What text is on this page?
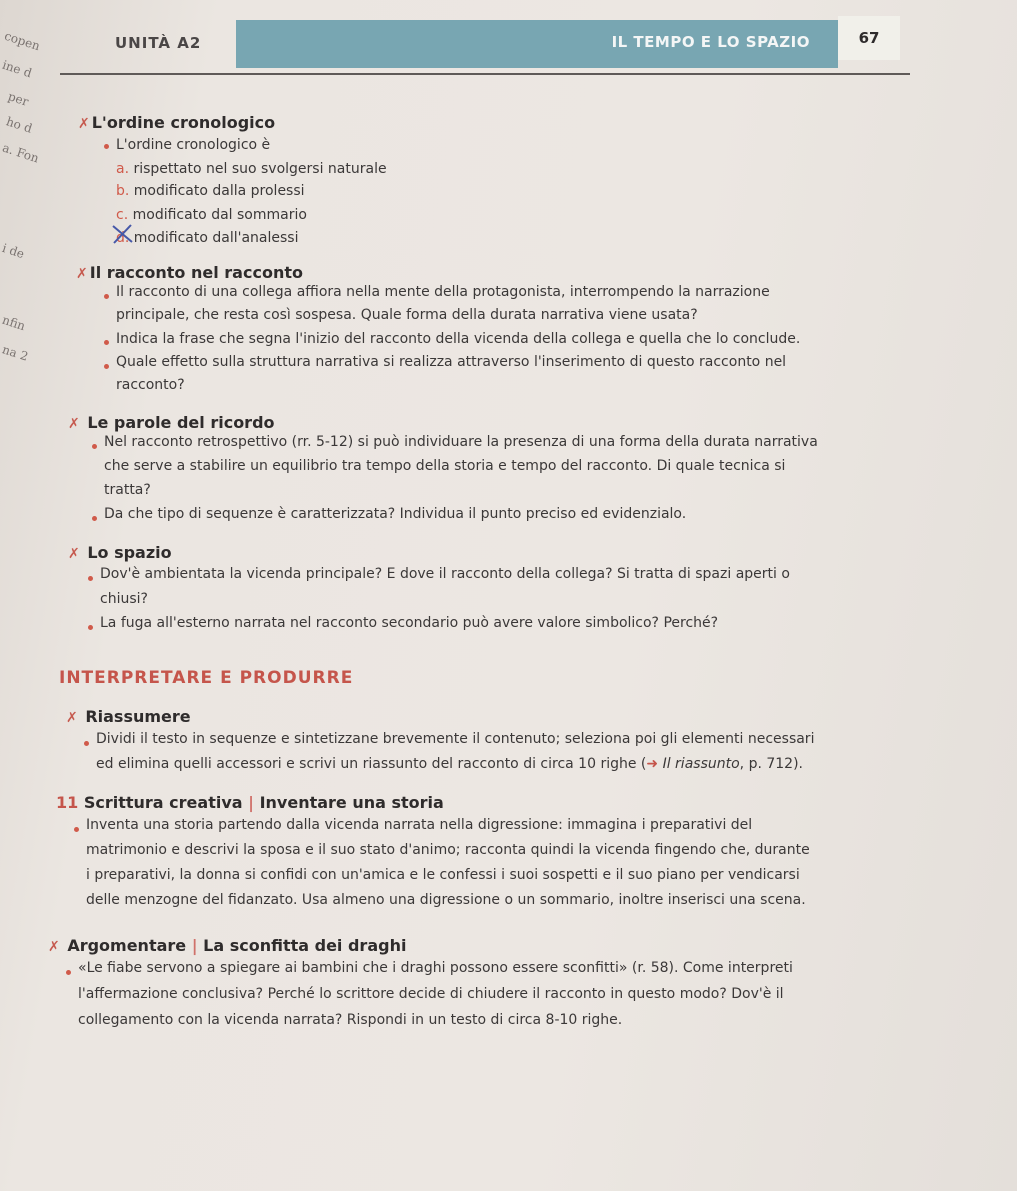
copen
ine d
per
ho d
a. Fon
i de
nfin
na 2
UNITÀ A2	IL TEMPO E LO SPAZIO	67
✗ L'ordine cronologico
L'ordine cronologico è
a. rispettato nel suo svolgersi naturale
b. modificato dalla prolessi
c. modificato dal sommario
d. modificato dall'analessi
✗ Il racconto nel racconto
Il racconto di una collega affiora nella mente della protagonista, interrompendo la narrazione
principale, che resta così sospesa. Quale forma della durata narrativa viene usata?
Indica la frase che segna l'inizio del racconto della vicenda della collega e quella che lo conclude.
Quale effetto sulla struttura narrativa si realizza attraverso l'inserimento di questo racconto nel
racconto?
✗ Le parole del ricordo
Nel racconto retrospettivo (rr. 5-12) si può individuare la presenza di una forma della durata narrativa
che serve a stabilire un equilibrio tra tempo della storia e tempo del racconto. Di quale tecnica si
tratta?
Da che tipo di sequenze è caratterizzata? Individua il punto preciso ed evidenzialo.
✗ Lo spazio
Dov'è ambientata la vicenda principale? E dove il racconto della collega? Si tratta di spazi aperti o
chiusi?
La fuga all'esterno narrata nel racconto secondario può avere valore simbolico? Perché?
INTERPRETARE E PRODURRE
✗ Riassumere
Dividi il testo in sequenze e sintetizzane brevemente il contenuto; seleziona poi gli elementi necessari
ed elimina quelli accessori e scrivi un riassunto del racconto di circa 10 righe (➜ Il riassunto, p. 712).
11 Scrittura creativa | Inventare una storia
Inventa una storia partendo dalla vicenda narrata nella digressione: immagina i preparativi del
matrimonio e descrivi la sposa e il suo stato d'animo; racconta quindi la vicenda fingendo che, durante
i preparativi, la donna si confidi con un'amica e le confessi i suoi sospetti e il suo piano per vendicarsi
delle menzogne del fidanzato. Usa almeno una digressione o un sommario, inoltre inserisci una scena.
✗ Argomentare | La sconfitta dei draghi
«Le fiabe servono a spiegare ai bambini che i draghi possono essere sconfitti» (r. 58). Come interpreti
l'affermazione conclusiva? Perché lo scrittore decide di chiudere il racconto in questo modo? Dov'è il
collegamento con la vicenda narrata? Rispondi in un testo di circa 8-10 righe.
